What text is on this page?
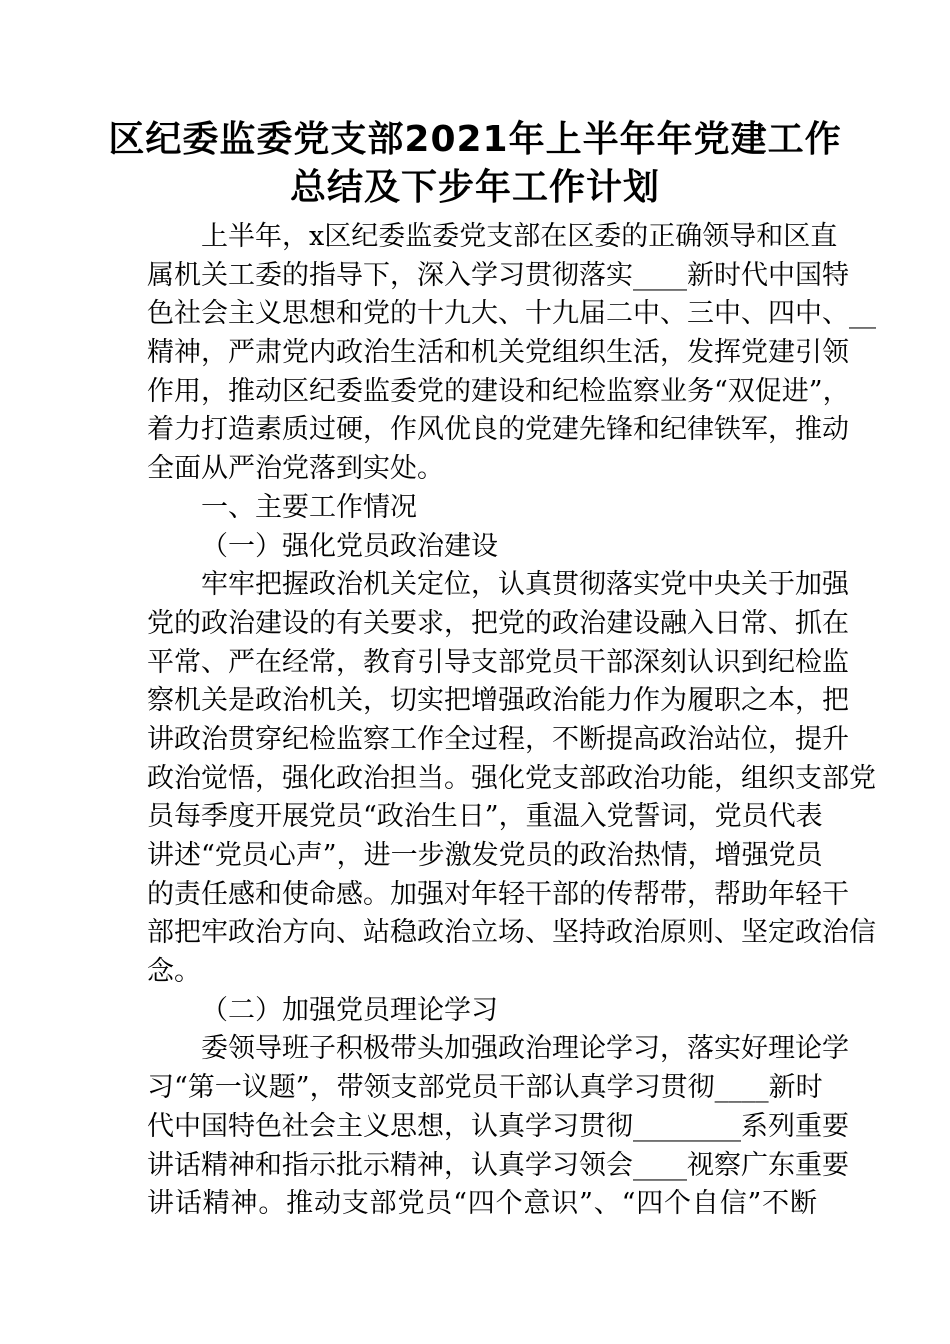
区纪委监委党支部2021年上半年年党建工作
总结及下步年工作计划
上半年，x区纪委监委党支部在区委的正确领导和区直
属机关工委的指导下，深入学习贯彻落实____新时代中国特
色社会主义思想和党的十九大、十九届二中、三中、四中、__
精神，严肃党内政治生活和机关党组织生活，发挥党建引领
作用，推动区纪委监委党的建设和纪检监察业务“双促进”，
着力打造素质过硬，作风优良的党建先锋和纪律铁军，推动
全面从严治党落到实处。
一、主要工作情况
（一）强化党员政治建设
牢牢把握政治机关定位，认真贯彻落实党中央关于加强
党的政治建设的有关要求，把党的政治建设融入日常、抓在
平常、严在经常，教育引导支部党员干部深刻认识到纪检监
察机关是政治机关，切实把增强政治能力作为履职之本，把
讲政治贯穿纪检监察工作全过程，不断提高政治站位，提升
政治觉悟，强化政治担当。强化党支部政治功能，组织支部党
员每季度开展党员“政治生日”，重温入党誓词，党员代表
讲述“党员心声”，进一步激发党员的政治热情，增强党员
的责任感和使命感。加强对年轻干部的传帮带，帮助年轻干
部把牢政治方向、站稳政治立场、坚持政治原则、坚定政治信
念。
（二）加强党员理论学习
委领导班子积极带头加强政治理论学习，落实好理论学
习“第一议题”，带领支部党员干部认真学习贯彻____新时
代中国特色社会主义思想，认真学习贯彻________系列重要
讲话精神和指示批示精神，认真学习领会____视察广东重要
讲话精神。推动支部党员“四个意识”、“四个自信”不断
